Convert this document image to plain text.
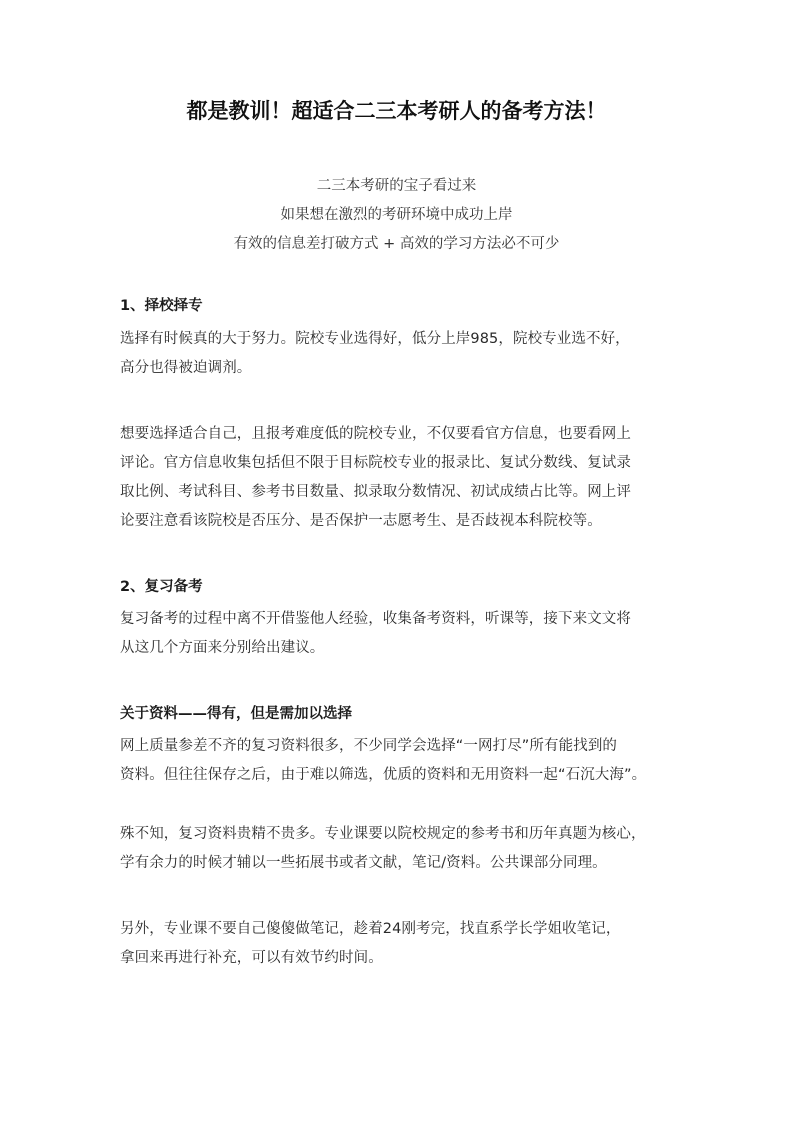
都是教训！超适合二三本考研人的备考方法！
二三本考研的宝子看过来
如果想在激烈的考研环境中成功上岸
有效的信息差打破方式 + 高效的学习方法必不可少
1、择校择专

选择有时候真的大于努力。院校专业选得好，低分上岸985，院校专业选不好，
高分也得被迫调剂。

想要选择适合自己，且报考难度低的院校专业，不仅要看官方信息，也要看网上
评论。官方信息收集包括但不限于目标院校专业的报录比、复试分数线、复试录
取比例、考试科目、参考书目数量、拟录取分数情况、初试成绩占比等。网上评
论要注意看该院校是否压分、是否保护一志愿考生、是否歧视本科院校等。

2、复习备考

复习备考的过程中离不开借鉴他人经验，收集备考资料，听课等，接下来文文将
从这几个方面来分别给出建议。

关于资料——得有，但是需加以选择

网上质量参差不齐的复习资料很多，不少同学会选择“一网打尽”所有能找到的
资料。但往往保存之后，由于难以筛选，优质的资料和无用资料一起“石沉大海”。

殊不知，复习资料贵精不贵多。专业课要以院校规定的参考书和历年真题为核心，
学有余力的时候才辅以一些拓展书或者文献，笔记/资料。公共课部分同理。

另外，专业课不要自己傻傻做笔记，趁着24刚考完，找直系学长学姐收笔记，
拿回来再进行补充，可以有效节约时间。
